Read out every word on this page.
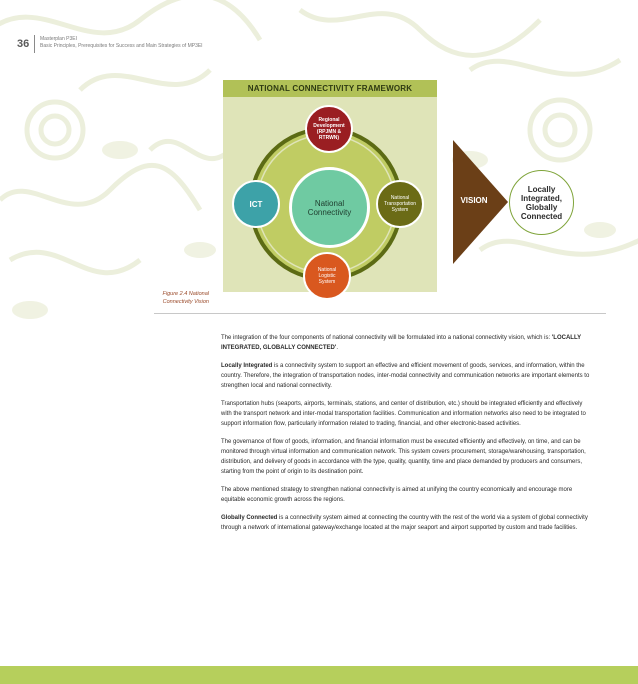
36 Masterplan P3EI
Basic Principles, Prerequisites for Success and Main Strategies of MP3EI
NATIONAL CONNECTIVITY FRAMEWORK
National
Connectivity
Regional
Development
(RPJMN &
RTRWN)
ICT
National
Transportation
System
National
Logistic
System
VISION
Locally
Integrated,
Globally
Connected
Figure 2.4 National
Connectivity Vision

The integration of the four components of national connectivity will be formulated into a national connectivity vision, which is: 'LOCALLY INTEGRATED, GLOBALLY CONNECTED'.

Locally Integrated is a connectivity system to support an effective and efficient movement of goods, services, and information, within the country. Therefore, the integration of transportation nodes, inter-modal connectivity and communication networks are important elements to strengthen local and national connectivity.

Transportation hubs (seaports, airports, terminals, stations, and center of distribution, etc.) should be integrated efficiently and effectively with the transport network and inter-modal transportation facilities. Communication and information networks also need to be integrated to support information flow, particularly information related to trading, financial, and other electronic-based activities.

The governance of flow of goods, information, and financial information must be executed efficiently and effectively, on time, and can be monitored through virtual information and communication network. This system covers procurement, storage/warehousing, transportation, distribution, and delivery of goods in accordance with the type, quality, quantity, time and place demanded by producers and consumers, starting from the point of origin to its destination point.

The above mentioned strategy to strengthen national connectivity is aimed at unifying the country economically and encourage more equitable economic growth across the regions.

Globally Connected is a connectivity system aimed at connecting the country with the rest of the world via a system of global connectivity through a network of international gateway/exchange located at the major seaport and airport supported by custom and trade facilities.
